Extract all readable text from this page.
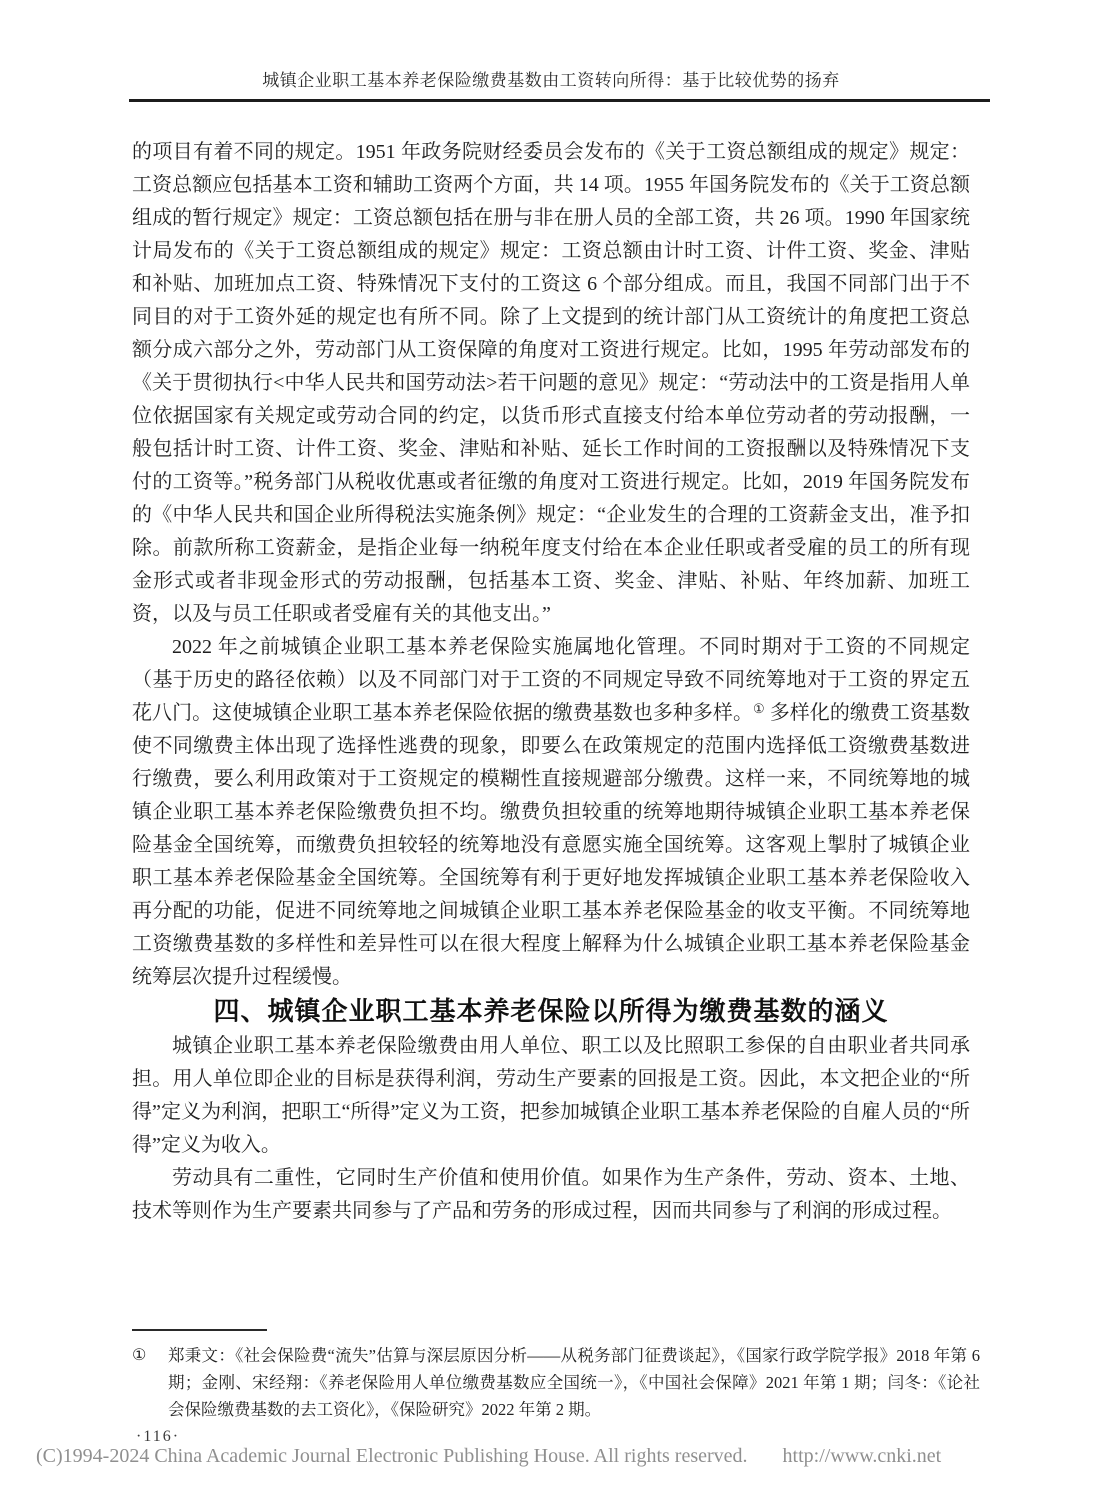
城镇企业职工基本养老保险缴费基数由工资转向所得：基于比较优势的扬弃

的项目有着不同的规定。1951 年政务院财经委员会发布的《关于工资总额组成的规定》规定：工资总额应包括基本工资和辅助工资两个方面，共 14 项。1955 年国务院发布的《关于工资总额组成的暂行规定》规定：工资总额包括在册与非在册人员的全部工资，共 26 项。1990 年国家统计局发布的《关于工资总额组成的规定》规定：工资总额由计时工资、计件工资、奖金、津贴和补贴、加班加点工资、特殊情况下支付的工资这 6 个部分组成。而且，我国不同部门出于不同目的对于工资外延的规定也有所不同。除了上文提到的统计部门从工资统计的角度把工资总额分成六部分之外，劳动部门从工资保障的角度对工资进行规定。比如，1995 年劳动部发布的《关于贯彻执行<中华人民共和国劳动法>若干问题的意见》规定：“劳动法中的工资是指用人单位依据国家有关规定或劳动合同的约定，以货币形式直接支付给本单位劳动者的劳动报酬，一般包括计时工资、计件工资、奖金、津贴和补贴、延长工作时间的工资报酬以及特殊情况下支付的工资等。”税务部门从税收优惠或者征缴的角度对工资进行规定。比如，2019 年国务院发布的《中华人民共和国企业所得税法实施条例》规定：“企业发生的合理的工资薪金支出，准予扣除。前款所称工资薪金，是指企业每一纳税年度支付给在本企业任职或者受雇的员工的所有现金形式或者非现金形式的劳动报酬，包括基本工资、奖金、津贴、补贴、年终加薪、加班工资，以及与员工任职或者受雇有关的其他支出。”

2022 年之前城镇企业职工基本养老保险实施属地化管理。不同时期对于工资的不同规定（基于历史的路径依赖）以及不同部门对于工资的不同规定导致不同统筹地对于工资的界定五花八门。这使城镇企业职工基本养老保险依据的缴费基数也多种多样。① 多样化的缴费工资基数使不同缴费主体出现了选择性逃费的现象，即要么在政策规定的范围内选择低工资缴费基数进行缴费，要么利用政策对于工资规定的模糊性直接规避部分缴费。这样一来，不同统筹地的城镇企业职工基本养老保险缴费负担不均。缴费负担较重的统筹地期待城镇企业职工基本养老保险基金全国统筹，而缴费负担较轻的统筹地没有意愿实施全国统筹。这客观上掣肘了城镇企业职工基本养老保险基金全国统筹。全国统筹有利于更好地发挥城镇企业职工基本养老保险收入再分配的功能，促进不同统筹地之间城镇企业职工基本养老保险基金的收支平衡。不同统筹地工资缴费基数的多样性和差异性可以在很大程度上解释为什么城镇企业职工基本养老保险基金统筹层次提升过程缓慢。

四、城镇企业职工基本养老保险以所得为缴费基数的涵义

城镇企业职工基本养老保险缴费由用人单位、职工以及比照职工参保的自由职业者共同承担。用人单位即企业的目标是获得利润，劳动生产要素的回报是工资。因此，本文把企业的“所得”定义为利润，把职工“所得”定义为工资，把参加城镇企业职工基本养老保险的自雇人员的“所得”定义为收入。

劳动具有二重性，它同时生产价值和使用价值。如果作为生产条件，劳动、资本、土地、技术等则作为生产要素共同参与了产品和劳务的形成过程，因而共同参与了利润的形成过程。

①	郑秉文：《社会保险费“流失”估算与深层原因分析——从税务部门征费谈起》，《国家行政学院学报》2018 年第 6 期；金刚、宋经翔：《养老保险用人单位缴费基数应全国统一》，《中国社会保障》2021 年第 1 期；闫冬：《论社会保险缴费基数的去工资化》，《保险研究》2022 年第 2 期。
·116·
(C)1994-2024 China Academic Journal Electronic Publishing House. All rights reserved. http://www.cnki.net
